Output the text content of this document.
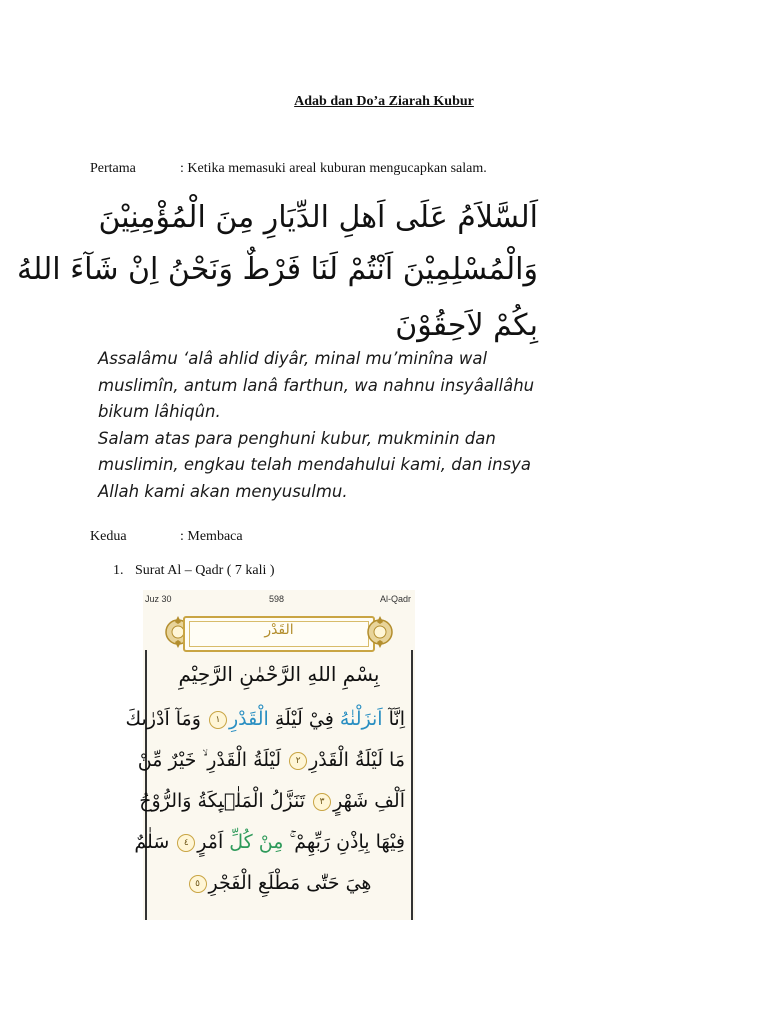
Adab dan Do’a Ziarah Kubur
Pertama	: Ketika memasuki areal kuburan mengucapkan salam.
اَلسَّلاَمُ عَلَى اَهلِ الدِّيَارِ مِنَ الْمُؤْمِنِيْنَ
وَالْمُسْلِمِيْنَ اَنْتُمْ لَنَا فَرْطٌ وَنَحْنُ اِنْ شَآءَ اللهُ
بِكُمْ لاَحِقُوْنَ
Assalâmu ‘alâ ahlid diyâr, minal mu’minîna wal
muslimîn, antum lanâ farthun, wa nahnu insyâallâhu
bikum lâhiqûn.
Salam atas para penghuni kubur, mukminin dan
muslimin, engkau telah mendahului kami, dan insya
Allah kami akan menyusulmu.
Kedua	: Membaca
1. Surat Al – Qadr ( 7 kali )
Juz 30	598	Al-Qadr
القَدْر
بِسْمِ اللهِ الرَّحْمٰنِ الرَّحِيْمِ
اِنَّآ اَنزَلْنٰهُ فِيْ لَيْلَةِ الْقَدْرِ١ وَمَآ اَدْرٰىكَ
مَا لَيْلَةُ الْقَدْرِ٢ لَيْلَةُ الْقَدْرِ ۙ خَيْرٌ مِّنْ
اَلْفِ شَهْرٍ٣ تَنَزَّلُ الْمَلٰۤىِٕكَةُ وَالرُّوْحُ
فِيْهَا بِاِذْنِ رَبِّهِمْ ۚ مِنْ كُلِّ اَمْرٍ٤ سَلٰمٌ
هِيَ حَتّٰى مَطْلَعِ الْفَجْرِ٥
